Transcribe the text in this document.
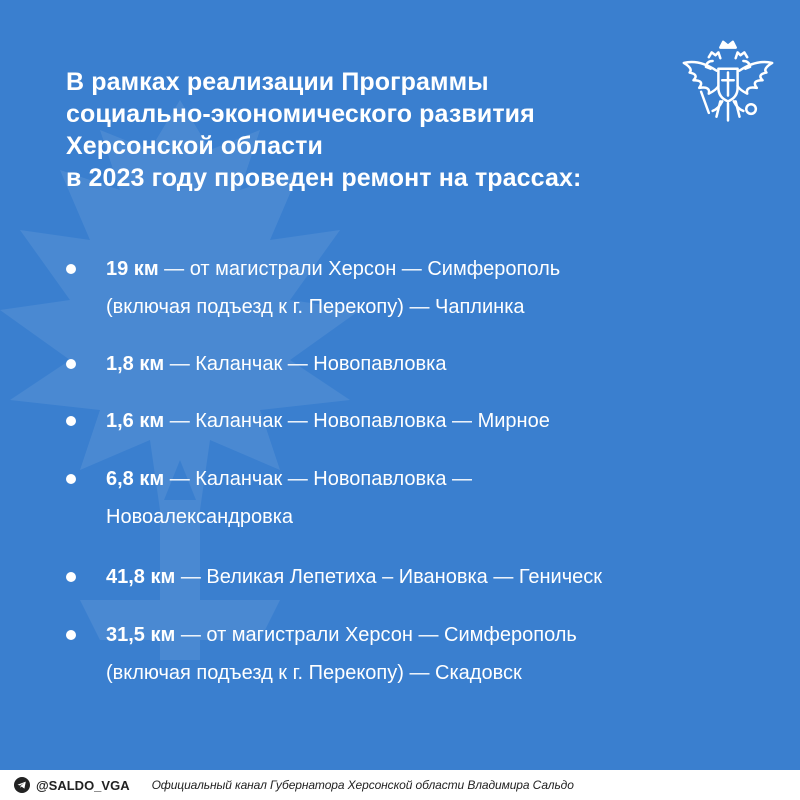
В рамках реализации Программы
социально-экономического развития
Херсонской области
в 2023 году проведен ремонт на трассах:
19 км — от магистрали Херсон — Симферополь
(включая подъезд к г. Перекопу) — Чаплинка
1,8 км — Каланчак — Новопавловка
1,6 км — Каланчак — Новопавловка — Мирное
6,8 км — Каланчак — Новопавловка —
Новоалександровка
41,8 км — Великая Лепетиха – Ивановка — Геническ
31,5 км — от магистрали Херсон — Симферополь
(включая подъезд к г. Перекопу) — Скадовск
@SALDO_VGA Официальный канал Губернатора Херсонской области Владимира Сальдо
